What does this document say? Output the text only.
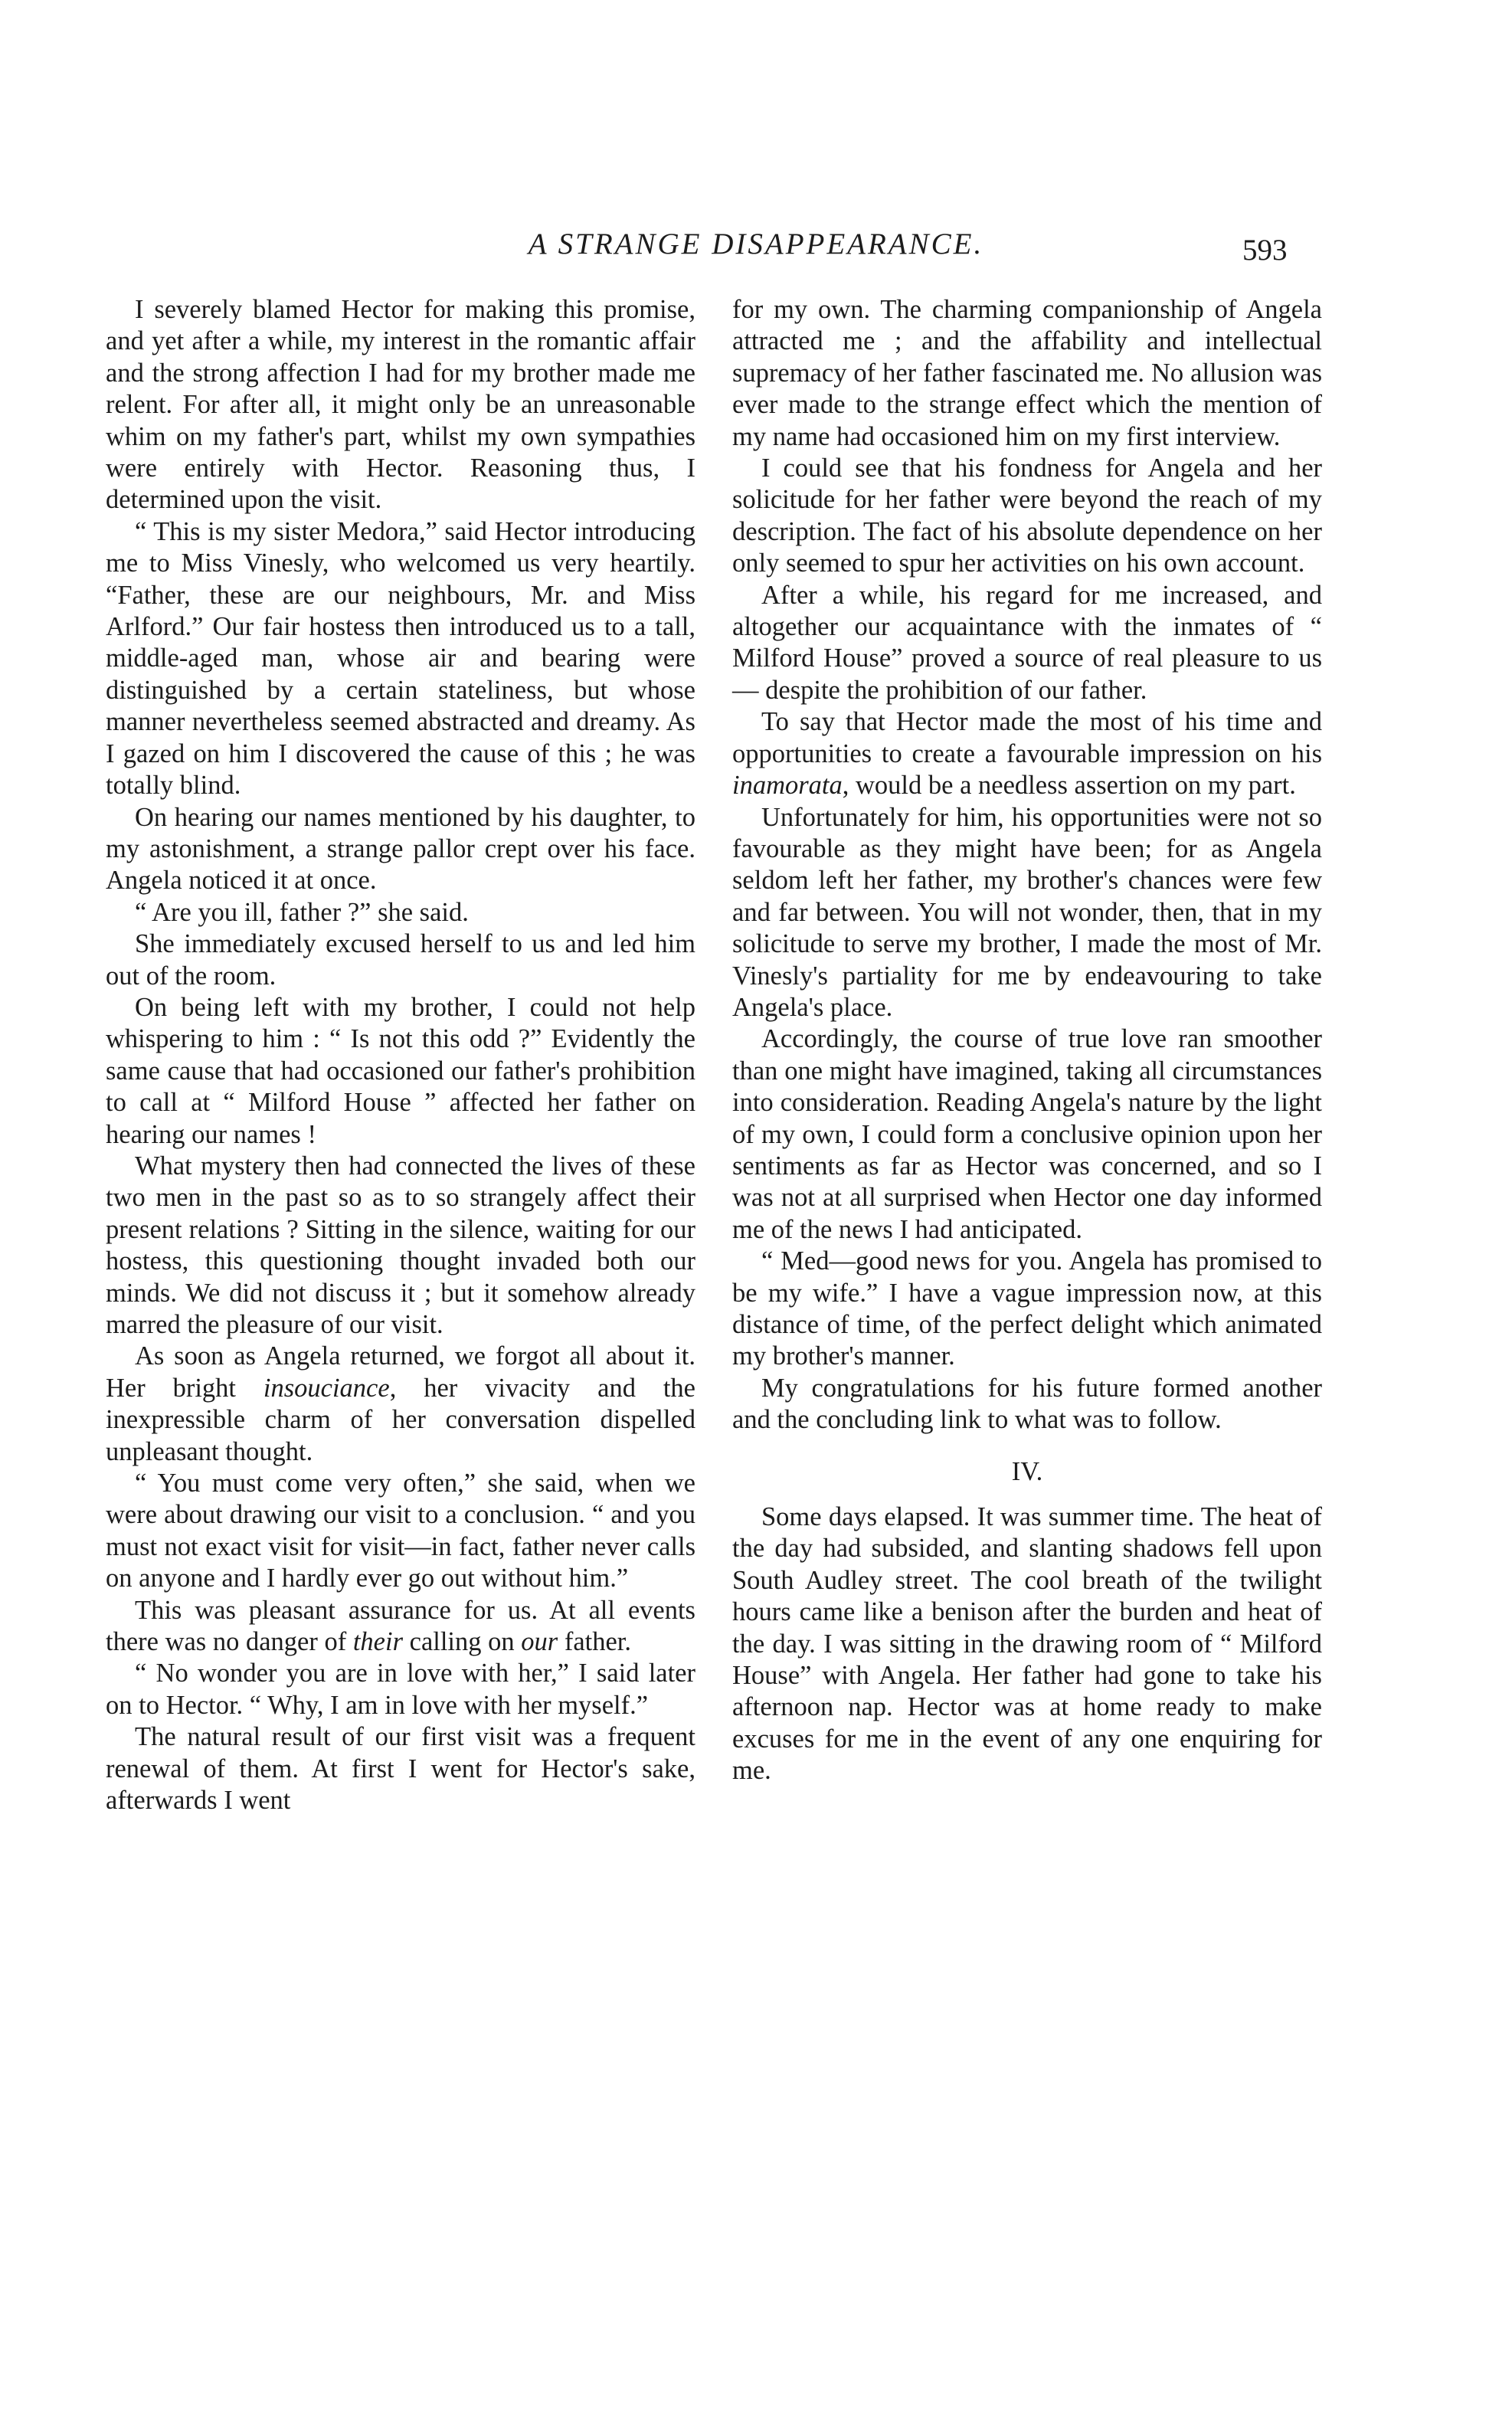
A STRANGE DISAPPEARANCE.	593

I severely blamed Hector for making this promise, and yet after a while, my interest in the romantic affair and the strong affection I had for my brother made me relent. For after all, it might only be an unreasonable whim on my father's part, whilst my own sympathies were entirely with Hector. Reasoning thus, I determined upon the visit.

“ This is my sister Medora,” said Hector introducing me to Miss Vinesly, who welcomed us very heartily. “Father, these are our neighbours, Mr. and Miss Arlford.” Our fair hostess then introduced us to a tall, middle-aged man, whose air and bearing were distinguished by a certain stateliness, but whose manner nevertheless seemed abstracted and dreamy. As I gazed on him I discovered the cause of this ; he was totally blind.

On hearing our names mentioned by his daughter, to my astonishment, a strange pallor crept over his face. Angela noticed it at once.

“ Are you ill, father ?” she said.

She immediately excused herself to us and led him out of the room.

On being left with my brother, I could not help whispering to him : “ Is not this odd ?” Evidently the same cause that had occasioned our father's prohibition to call at “ Milford House ” affected her father on hearing our names !

What mystery then had connected the lives of these two men in the past so as to so strangely affect their present relations ? Sitting in the silence, waiting for our hostess, this questioning thought invaded both our minds. We did not discuss it ; but it somehow already marred the pleasure of our visit.

As soon as Angela returned, we forgot all about it. Her bright insouciance, her vivacity and the inexpressible charm of her conversation dispelled unpleasant thought.

“ You must come very often,” she said, when we were about drawing our visit to a conclusion. “ and you must not exact visit for visit—in fact, father never calls on anyone and I hardly ever go out without him.”

This was pleasant assurance for us. At all events there was no danger of their calling on our father.

“ No wonder you are in love with her,” I said later on to Hector. “ Why, I am in love with her myself.”

The natural result of our first visit was a frequent renewal of them. At first I went for Hector's sake, afterwards I went

for my own. The charming companionship of Angela attracted me ; and the affability and intellectual supremacy of her father fascinated me. No allusion was ever made to the strange effect which the mention of my name had occasioned him on my first interview.

I could see that his fondness for Angela and her solicitude for her father were beyond the reach of my description. The fact of his absolute dependence on her only seemed to spur her activities on his own account.

After a while, his regard for me increased, and altogether our acquaintance with the inmates of “ Milford House” proved a source of real pleasure to us — despite the prohibition of our father.

To say that Hector made the most of his time and opportunities to create a favourable impression on his inamorata, would be a needless assertion on my part.

Unfortunately for him, his opportunities were not so favourable as they might have been; for as Angela seldom left her father, my brother's chances were few and far between. You will not wonder, then, that in my solicitude to serve my brother, I made the most of Mr. Vinesly's partiality for me by endeavouring to take Angela's place.

Accordingly, the course of true love ran smoother than one might have imagined, taking all circumstances into consideration. Reading Angela's nature by the light of my own, I could form a conclusive opinion upon her sentiments as far as Hector was concerned, and so I was not at all surprised when Hector one day informed me of the news I had anticipated.

“ Med—good news for you. Angela has promised to be my wife.” I have a vague impression now, at this distance of time, of the perfect delight which animated my brother's manner.

My congratulations for his future formed another and the concluding link to what was to follow.

IV.

Some days elapsed. It was summer time. The heat of the day had subsided, and slanting shadows fell upon South Audley street. The cool breath of the twilight hours came like a benison after the burden and heat of the day. I was sitting in the drawing room of “ Milford House” with Angela. Her father had gone to take his afternoon nap. Hector was at home ready to make excuses for me in the event of any one enquiring for me.
